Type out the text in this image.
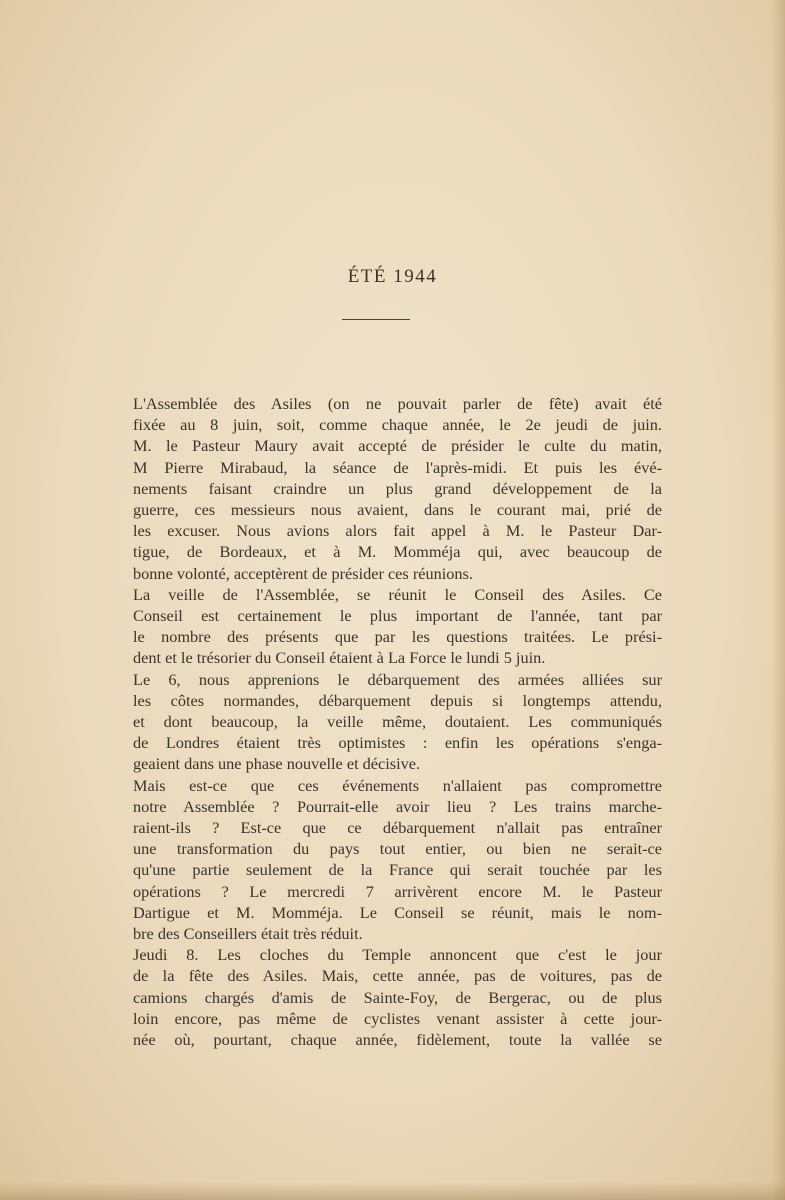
ÉTÉ 1944
L'Assemblée des Asiles (on ne pouvait parler de fête) avait été
fixée au 8 juin, soit, comme chaque année, le 2e jeudi de juin.
M. le Pasteur Maury avait accepté de présider le culte du matin,
M Pierre Mirabaud, la séance de l'après-midi. Et puis les évé-
nements faisant craindre un plus grand développement de la
guerre, ces messieurs nous avaient, dans le courant mai, prié de
les excuser. Nous avions alors fait appel à M. le Pasteur Dar-
tigue, de Bordeaux, et à M. Momméja qui, avec beaucoup de
bonne volonté, acceptèrent de présider ces réunions.
La veille de l'Assemblée, se réunit le Conseil des Asiles. Ce
Conseil est certainement le plus important de l'année, tant par
le nombre des présents que par les questions traitées. Le prési-
dent et le trésorier du Conseil étaient à La Force le lundi 5 juin.
Le 6, nous apprenions le débarquement des armées alliées sur
les côtes normandes, débarquement depuis si longtemps attendu,
et dont beaucoup, la veille même, doutaient. Les communiqués
de Londres étaient très optimistes : enfin les opérations s'enga-
geaient dans une phase nouvelle et décisive.
Mais est-ce que ces événements n'allaient pas compromettre
notre Assemblée ? Pourrait-elle avoir lieu ? Les trains marche-
raient-ils ? Est-ce que ce débarquement n'allait pas entraîner
une transformation du pays tout entier, ou bien ne serait-ce
qu'une partie seulement de la France qui serait touchée par les
opérations ? Le mercredi 7 arrivèrent encore M. le Pasteur
Dartigue et M. Momméja. Le Conseil se réunit, mais le nom-
bre des Conseillers était très réduit.
Jeudi 8. Les cloches du Temple annoncent que c'est le jour
de la fête des Asiles. Mais, cette année, pas de voitures, pas de
camions chargés d'amis de Sainte-Foy, de Bergerac, ou de plus
loin encore, pas même de cyclistes venant assister à cette jour-
née où, pourtant, chaque année, fidèlement, toute la vallée se
